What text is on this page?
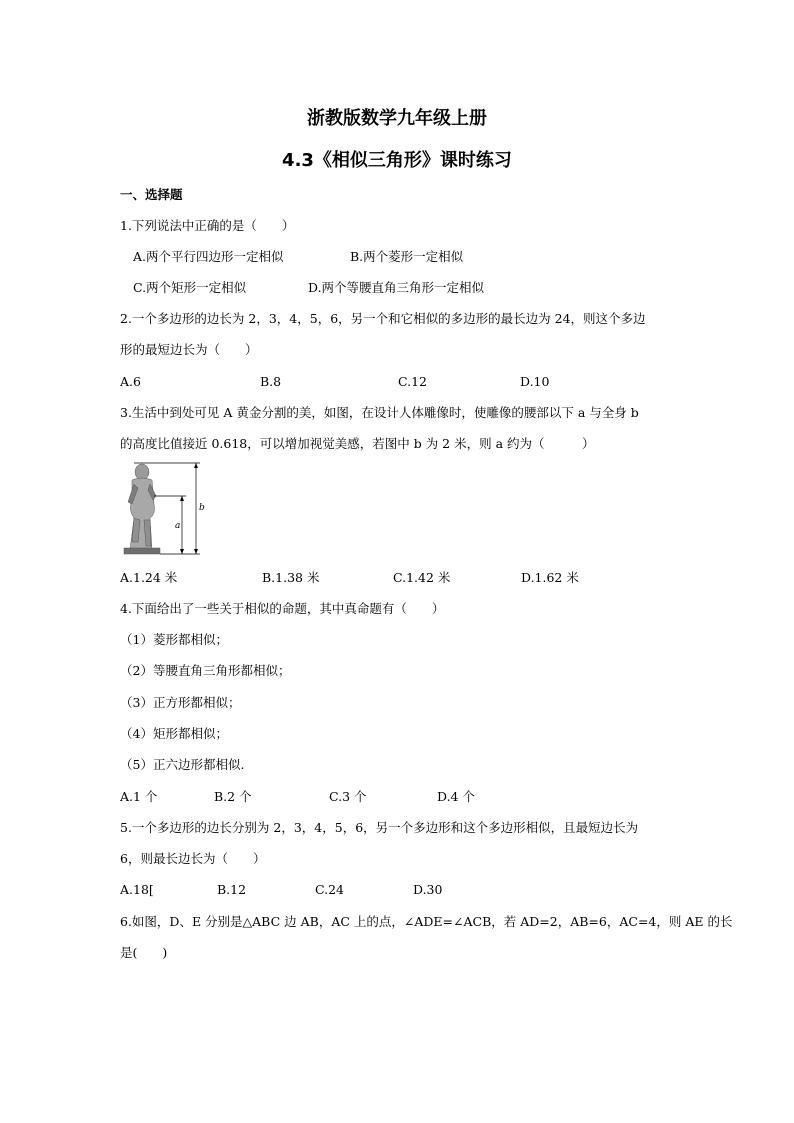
浙教版数学九年级上册
4.3《相似三角形》课时练习
一、选择题
1.下列说法中正确的是（　　）
A.两个平行四边形一定相似	B.两个菱形一定相似
C.两个矩形一定相似	D.两个等腰直角三角形一定相似
2.一个多边形的边长为 2，3，4，5，6，另一个和它相似的多边形的最长边为 24，则这个多边
形的最短边长为（　　）
A.6	B.8	C.12	D.10
3.生活中到处可见 A 黄金分割的美，如图，在设计人体雕像时，使雕像的腰部以下 a 与全身 b
的高度比值接近 0.618，可以增加视觉美感，若图中 b 为 2 米，则 a 约为（　　　）
a
b
A.1.24 米	B.1.38 米	C.1.42 米	D.1.62 米
4.下面给出了一些关于相似的命题，其中真命题有（　　）
（1）菱形都相似；
（2）等腰直角三角形都相似；
（3）正方形都相似；
（4）矩形都相似；
（5）正六边形都相似.
A.1 个	B.2 个	C.3 个	D.4 个
5.一个多边形的边长分别为 2，3，4，5，6，另一个多边形和这个多边形相似，且最短边长为
6，则最长边长为（　　）
A.18[	B.12	C.24	D.30
6.如图，D、E 分别是△ABC 边 AB，AC 上的点，∠ADE=∠ACB，若 AD=2，AB=6，AC=4，则 AE 的长
是(　　)
